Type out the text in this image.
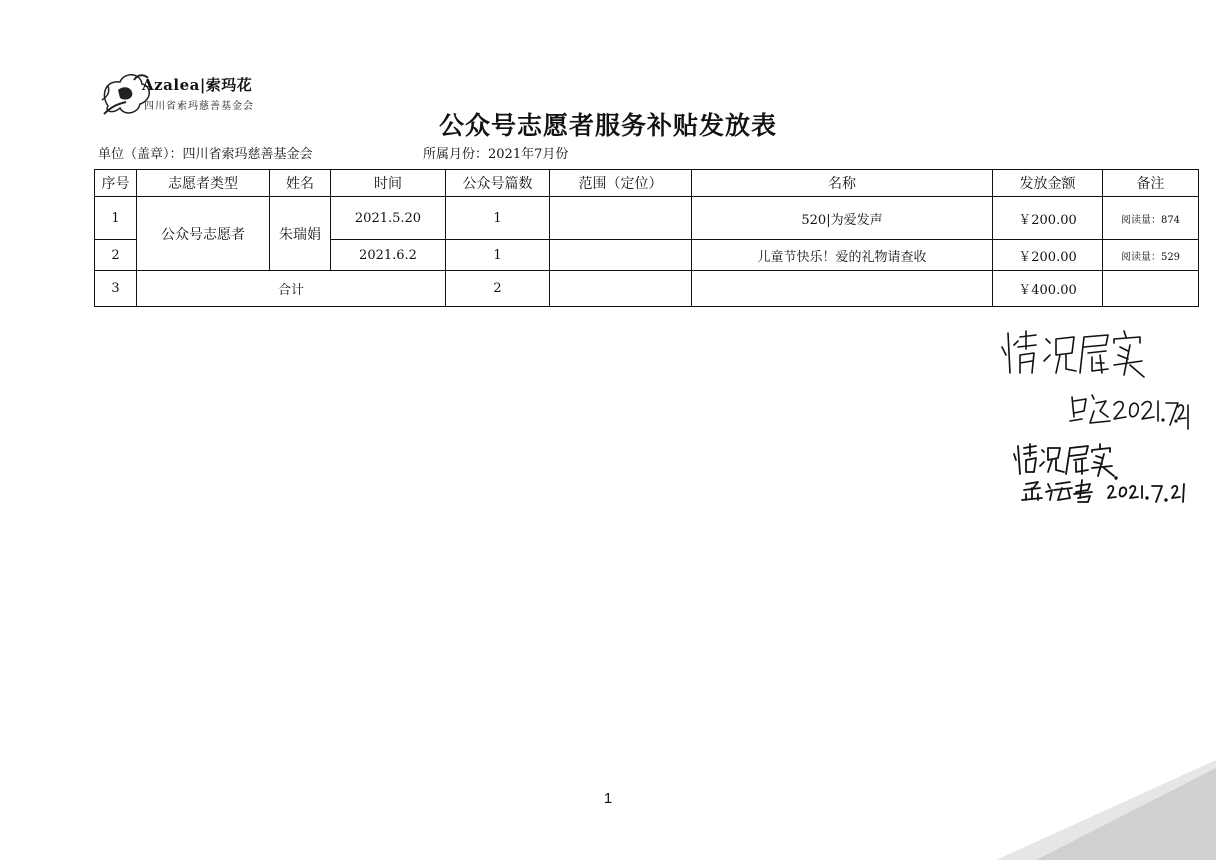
Azalea|索玛花
四川省索玛慈善基金会
公众号志愿者服务补贴发放表
单位（盖章）：四川省索玛慈善基金会	所属月份：2021年7月份
序号	志愿者类型	姓名	时间	公众号篇数	范围（定位）	名称	发放金额	备注
1	公众号志愿者	朱瑞娟	2021.5.20	1		520|为爱发声	￥200.00	阅读量：874
2			2021.6.2	1		儿童节快乐！爱的礼物请查收	￥200.00	阅读量：529
3	合计			2			￥400.00	
1
